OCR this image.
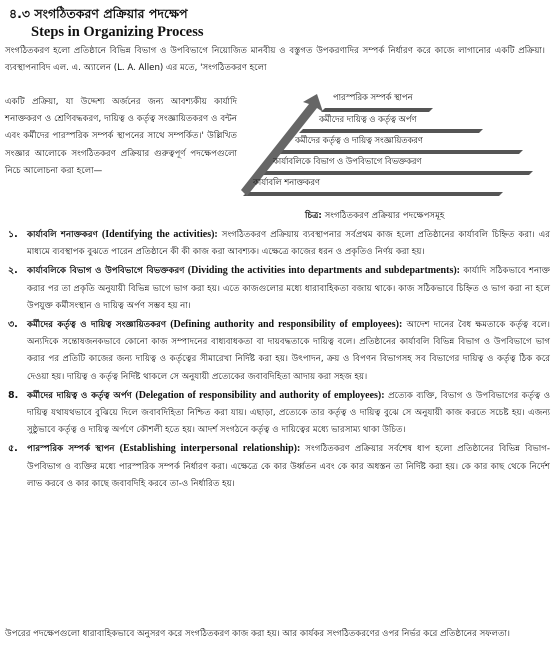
৪.৩ সংগঠিতকরণ প্রক্রিয়ার পদক্ষেপ
Steps in Organizing Process
সংগঠিতকরণ হলো প্রতিষ্ঠানে বিভিন্ন বিভাগ ও উপবিভাগে নিয়োজিত মানবীয় ও বস্তুগত উপকরণাদির সম্পর্ক নির্ধারণ করে কাজে লাগানোর একটি প্রক্রিয়া। ব্যবস্থাপনাবিদ এল. এ. অ্যালেন (L. A. Allen) এর মতে, 'সংগঠিতকরণ হলো
একটি প্রক্রিয়া, যা উদ্দেশ্য অর্জনের জন্য আবশ্যকীয় কার্যাদি শনাক্তকরণ ও শ্রেণিবদ্ধকরণ, দায়িত্ব ও কর্তৃত্ব সংজ্ঞায়িতকরণ ও বন্টন এবং কর্মীদের পারস্পরিক সম্পর্ক স্থাপনের সাথে সম্পর্কিত।' উল্লিখিত সংজ্ঞার আলোকে সংগঠিতকরণ প্রক্রিয়ার গুরুত্বপূর্ণ পদক্ষেপগুলো নিচে আলোচনা করা হলো—
পারস্পরিক সম্পর্ক স্থাপন
কর্মীদের দায়িত্ব ও কর্তৃত্ব অর্পণ
কর্মীদের কর্তৃত্ব ও দায়িত্ব সংজ্ঞায়িতকরণ
কার্যাবলিকে বিভাগ ও উপবিভাগে বিভক্তকরণ
কার্যাবলি শনাক্তকরণ
চিত্র: সংগঠিতকরণ প্রক্রিয়ার পদক্ষেপসমূহ
১. কার্যাবলি শনাক্তকরণ (Identifying the activities): সংগঠিতকরণ প্রক্রিয়ায় ব্যবস্থাপনার সর্বপ্রথম কাজ হলো প্রতিষ্ঠানের কার্যাবলি চিহ্নিত করা। এর মাধ্যমে ব্যবস্থাপক বুঝতে পারেন প্রতিষ্ঠানে কী কী কাজ করা আবশ্যক। এক্ষেত্রে কাজের ধরন ও প্রকৃতিও নির্ণয় করা হয়।
২. কার্যাবলিকে বিভাগ ও উপবিভাগে বিভক্তকরণ (Dividing the activities into departments and subdepartments): কার্যাদি সঠিকভাবে শনাক্ত করার পর তা প্রকৃতি অনুযায়ী বিভিন্ন ভাগে ভাগ করা হয়। এতে কাজগুলোর মধ্যে ধারাবাহিকতা বজায় থাকে। কাজ সঠিকভাবে চিহ্নিত ও ভাগ করা না হলে উপযুক্ত কর্মীসংস্থান ও দায়িত্ব অর্পণ সম্ভব হয় না।
৩. কর্মীদের কর্তৃত্ব ও দায়িত্ব সংজ্ঞায়িতকরণ (Defining authority and responsibility of employees): আদেশ দানের বৈধ ক্ষমতাকে কর্তৃত্ব বলে। অন্যদিকে সন্তোষজনকভাবে কোনো কাজ সম্পাদনের বাধ্যবাধকতা বা দায়বদ্ধতাকে দায়িত্ব বলে। প্রতিষ্ঠানের কার্যাবলি বিভিন্ন বিভাগ ও উপবিভাগে ভাগ করার পর প্রতিটি কাজের জন্য দায়িত্ব ও কর্তৃত্বের সীমারেখা নির্দিষ্ট করা হয়। উৎপাদন, ক্রয় ও বিপণন বিভাগসহ সব বিভাগের দায়িত্ব ও কর্তৃত্ব ঠিক করে দেওয়া হয়। দায়িত্ব ও কর্তৃত্ব নির্দিষ্ট থাকলে সে অনুযায়ী প্রত্যেকের জবাবদিহিতা আদায় করা সহজ হয়।
8. কর্মীদের দায়িত্ব ও কর্তৃত্ব অর্পণ (Delegation of responsibility and authority of employees): প্রত্যেক ব্যক্তি, বিভাগ ও উপবিভাগের কর্তৃত্ব ও দায়িত্ব যথাযথভাবে বুঝিয়ে দিলে জবাবদিহিতা নিশ্চিত করা যায়। এছাড়া, প্রত্যেকে তার কর্তৃত্ব ও দায়িত্ব বুঝে সে অনুযায়ী কাজ করতে সচেষ্ট হয়। এজন্য সুষ্ঠুভাবে কর্তৃত্ব ও দায়িত্ব অর্পণে কৌশলী হতে হয়। আদর্শ সংগঠনে কর্তৃত্ব ও দায়িত্বের মধ্যে ভারসাম্য থাকা উচিত।
৫. পারস্পরিক সম্পর্ক স্থাপন (Establishing interpersonal relationship): সংগঠিতকরণ প্রক্রিয়ার সর্বশেষ ধাপ হলো প্রতিষ্ঠানের বিভিন্ন বিভাগ-উপবিভাগ ও ব্যক্তির মধ্যে পারস্পরিক সম্পর্ক নির্ধারণ করা। এক্ষেত্রে কে কার উর্ধ্বতন এবং কে কার অধস্তন তা নির্দিষ্ট করা হয়। কে কার কাছ থেকে নির্দেশ লাভ করবে ও কার কাছে জবাবদিহি করবে তা-ও নির্ধারিত হয়।
উপরের পদক্ষেপগুলো ধারাবাহিকভাবে অনুসরণ করে সংগঠিতকরণ কাজ করা হয়। আর কার্যকর সংগঠিতকরণের ওপর নির্ভর করে প্রতিষ্ঠানের সফলতা।
